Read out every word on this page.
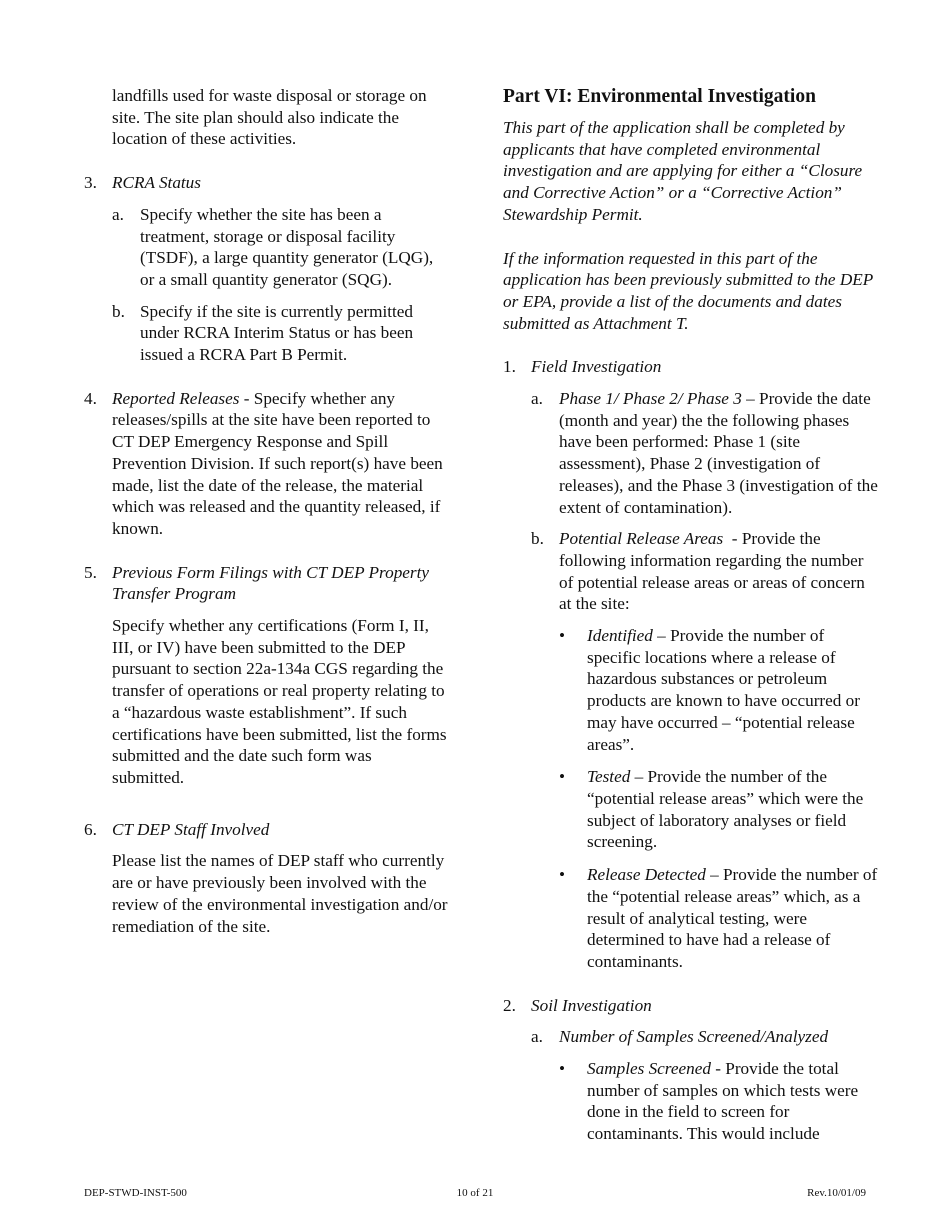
landfills used for waste disposal or storage on site. The site plan should also indicate the location of these activities.

3. RCRA Status

a. Specify whether the site has been a treatment, storage or disposal facility (TSDF), a large quantity generator (LQG), or a small quantity generator (SQG).

b. Specify if the site is currently permitted under RCRA Interim Status or has been issued a RCRA Part B Permit.

4. Reported Releases - Specify whether any releases/spills at the site have been reported to CT DEP Emergency Response and Spill Prevention Division. If such report(s) have been made, list the date of the release, the material which was released and the quantity released, if known.

5. Previous Form Filings with CT DEP Property Transfer Program

Specify whether any certifications (Form I, II, III, or IV) have been submitted to the DEP pursuant to section 22a-134a CGS regarding the transfer of operations or real property relating to a “hazardous waste establishment”. If such certifications have been submitted, list the forms submitted and the date such form was submitted.

6. CT DEP Staff Involved

Please list the names of DEP staff who currently are or have previously been involved with the review of the environmental investigation and/or remediation of the site.

Part VI: Environmental Investigation

This part of the application shall be completed by applicants that have completed environmental investigation and are applying for either a “Closure and Corrective Action” or a “Corrective Action” Stewardship Permit.

If the information requested in this part of the application has been previously submitted to the DEP or EPA, provide a list of the documents and dates submitted as Attachment T.

1. Field Investigation

a. Phase 1/ Phase 2/ Phase 3 – Provide the date (month and year) the the following phases have been performed: Phase 1 (site assessment), Phase 2 (investigation of releases), and the Phase 3 (investigation of the extent of contamination).

b. Potential Release Areas  - Provide the following information regarding the number of potential release areas or areas of concern at the site:

• Identified – Provide the number of specific locations where a release of hazardous substances or petroleum products are known to have occurred or may have occurred – “potential release areas”.

• Tested – Provide the number of the “potential release areas” which were the subject of laboratory analyses or field screening.

• Release Detected – Provide the number of the “potential release areas” which, as a result of analytical testing, were determined to have had a release of contaminants.

2. Soil Investigation

a. Number of Samples Screened/Analyzed

• Samples Screened - Provide the total number of samples on which tests were done in the field to screen for contaminants. This would include

DEP-STWD-INST-500	10 of 21	Rev.10/01/09
